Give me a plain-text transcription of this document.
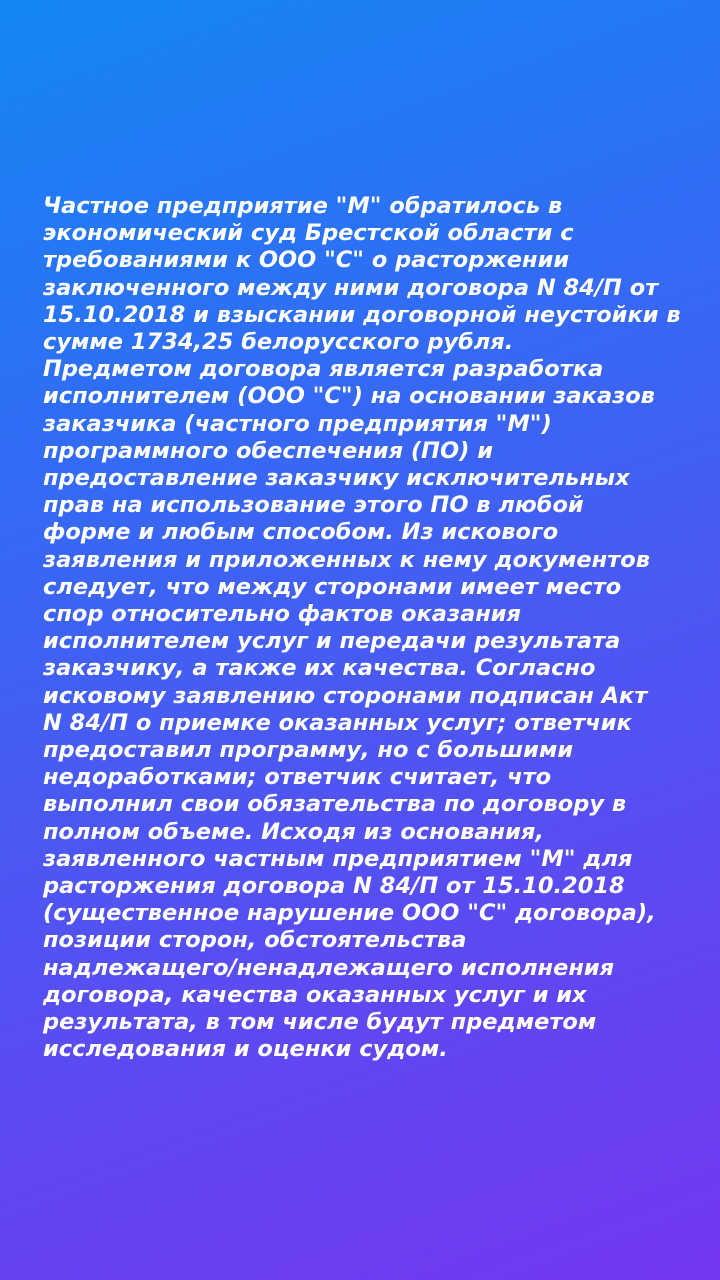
Частное предприятие "М" обратилось в
экономический суд Брестской области с
требованиями к ООО "С" о расторжении
заключенного между ними договора N 84/П от
15.10.2018 и взыскании договорной неустойки в
сумме 1734,25 белорусского рубля.
Предметом договора является разработка
исполнителем (ООО "С") на основании заказов
заказчика (частного предприятия "М")
программного обеспечения (ПО) и
предоставление заказчику исключительных
прав на использование этого ПО в любой
форме и любым способом. Из искового
заявления и приложенных к нему документов
следует, что между сторонами имеет место
спор относительно фактов оказания
исполнителем услуг и передачи результата
заказчику, а также их качества. Согласно
исковому заявлению сторонами подписан Акт
N 84/П о приемке оказанных услуг; ответчик
предоставил программу, но с большими
недоработками; ответчик считает, что
выполнил свои обязательства по договору в
полном объеме. Исходя из основания,
заявленного частным предприятием "М" для
расторжения договора N 84/П от 15.10.2018
(существенное нарушение ООО "С" договора),
позиции сторон, обстоятельства
надлежащего/ненадлежащего исполнения
договора, качества оказанных услуг и их
результата, в том числе будут предметом
исследования и оценки судом.
